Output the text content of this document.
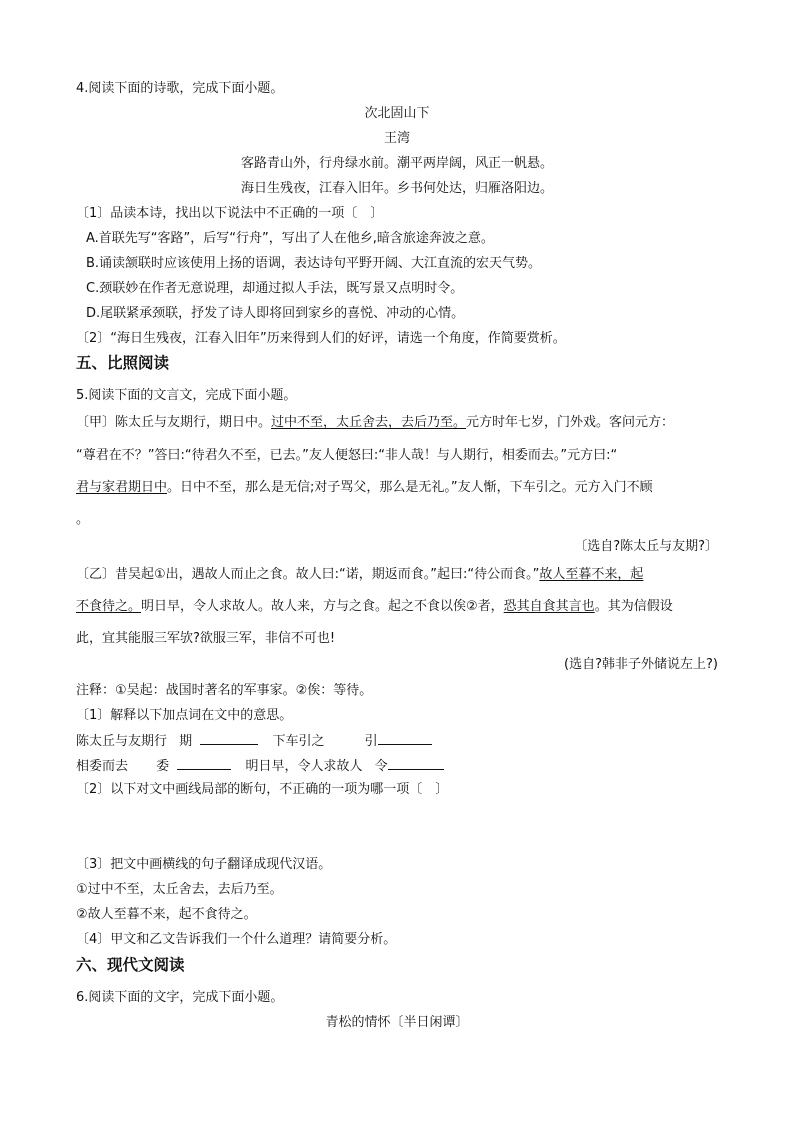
4.阅读下面的诗歌，完成下面小题。
次北固山下
王湾
客路青山外，行舟绿水前。潮平两岸阔，风正一帆悬。
海日生残夜，江春入旧年。乡书何处达，归雁洛阳边。
〔1〕品读本诗，找出以下说法中不正确的一项〔　〕
A.首联先写“客路”，后写“行舟”，写出了人在他乡,暗含旅途奔波之意。
B.诵读颔联时应该使用上扬的语调，表达诗句平野开阔、大江直流的宏天气势。
C.颈联妙在作者无意说理，却通过拟人手法，既写景又点明时令。
D.尾联紧承颈联，抒发了诗人即将回到家乡的喜悦、冲动的心情。
〔2〕“海日生残夜，江春入旧年”历来得到人们的好评，请选一个角度，作简要赏析。
五、比照阅读
5.阅读下面的文言文，完成下面小题。
〔甲〕陈太丘与友期行，期日中。过中不至，太丘舍去，去后乃至。元方时年七岁，门外戏。客问元方：
“尊君在不？”答曰:“待君久不至，已去。”友人便怒曰:“非人哉！与人期行，相委而去。”元方曰:“
君与家君期日中。日中不至，那么是无信;对子骂父，那么是无礼。”友人惭，下车引之。元方入门不顾
。
〔选自?陈太丘与友期?〕
〔乙〕昔吴起①出，遇故人而止之食。故人曰:“诺，期返而食。”起曰:“待公而食。”故人至暮不来，起
不食待之。明日早，令人求故人。故人来，方与之食。起之不食以俟②者，恐其自食其言也。其为信假设
此，宜其能服三军欤?欲服三军，非信不可也!
(选自?韩非子外储说左上?)
注释：①吴起：战国时著名的军事家。②俟：等待。
〔1〕解释以下加点词在文中的意思。
陈太丘与友期行 期	下车引之	引
相委而去 委	明日早，令人求故人 令
〔2〕以下对文中画线局部的断句，不正确的一项为哪一项〔　〕
〔3〕把文中画横线的句子翻译成现代汉语。
①过中不至，太丘舍去，去后乃至。
②故人至暮不来，起不食待之。
〔4〕甲文和乙文告诉我们一个什么道理？请简要分析。
六、现代文阅读
6.阅读下面的文字，完成下面小题。
青松的情怀〔半日闲谭〕
